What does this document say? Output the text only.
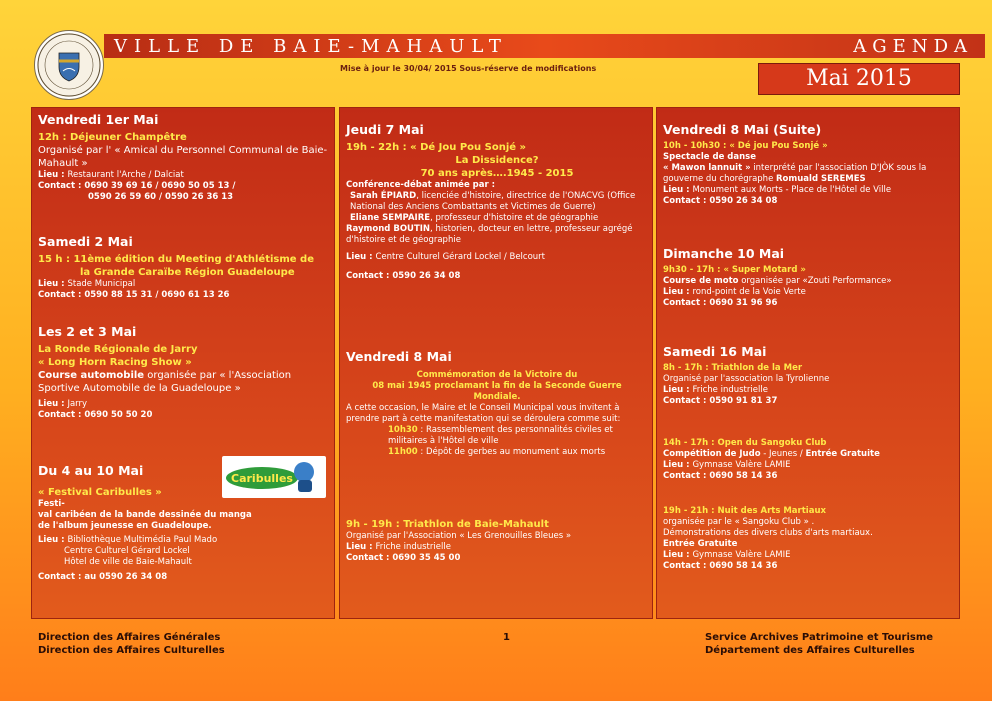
VILLE DE BAIE-MAHAULT	AGENDA
Mise à jour le 30/04/ 2015 Sous-réserve de modifications	Mai 2015
Vendredi 1er Mai
12h : Déjeuner Champêtre
Organisé par l' « Amical du Personnel Communal de Baie-Mahault »
Lieu : Restaurant l'Arche / Dalciat
Contact : 0690 39 69 16 / 0690 50 05 13 /
0590 26 59 60 / 0590 26 36 13
Samedi 2 Mai
15 h : 11ème édition du Meeting d'Athlétisme de
la Grande Caraïbe Région Guadeloupe
Lieu : Stade Municipal
Contact : 0590 88 15 31 / 0690 61 13 26
Les 2 et 3 Mai
La Ronde Régionale de Jarry
« Long Horn Racing Show »
Course automobile organisée par « l'Association Sportive Automobile de la Guadeloupe »
Lieu : Jarry
Contact : 0690 50 50 20
Du 4 au 10 Mai
« Festival Caribulles »
Festi-
val caribéen de la bande dessinée du manga
de l'album jeunesse en Guadeloupe.
Lieu : Bibliothèque Multimédia Paul Mado
Centre Culturel Gérard Lockel
Hôtel de ville de Baie-Mahault
Contact : au 0590 26 34 08
Caribulles
Jeudi 7 Mai
19h - 22h : « Dé Jou Pou Sonjé »
La Dissidence?
70 ans après….1945 - 2015
Conférence-débat animée par :
Sarah ÉPIARD, licenciée d'histoire, directrice de l'ONACVG (Office National des Anciens Combattants et Victimes de Guerre)
Eliane SEMPAIRE, professeur d'histoire et de géographie
Raymond BOUTIN, historien, docteur en lettre, professeur agrégé d'histoire et de géographie
Lieu : Centre Culturel Gérard Lockel / Belcourt
Contact : 0590 26 34 08
Vendredi 8 Mai
Commémoration de la Victoire du
08 mai 1945 proclamant la fin de la Seconde Guerre
Mondiale.
A cette occasion, le Maire et le Conseil Municipal vous invitent à prendre part à cette manifestation qui se déroulera comme suit:
10h30 : Rassemblement des personnalités civiles et militaires à l'Hôtel de ville
11h00 : Dépôt de gerbes au monument aux morts
9h - 19h : Triathlon de Baie-Mahault
Organisé par l'Association « Les Grenouilles Bleues »
Lieu : Friche industrielle
Contact : 0690 35 45 00
Vendredi 8 Mai (Suite)
10h - 10h30 : « Dé jou Pou Sonjé »
Spectacle de danse
« Mawon lannuit » interprété par l'association D'JÒK sous la gouverne du chorégraphe Romuald SEREMES
Lieu : Monument aux Morts - Place de l'Hôtel de Ville
Contact : 0590 26 34 08
Dimanche 10 Mai
9h30 - 17h : « Super Motard »
Course de moto organisée par «Zouti Performance»
Lieu : rond-point de la Voie Verte
Contact : 0690 31 96 96
Samedi 16 Mai
8h - 17h : Triathlon de la Mer
Organisé par l'association la Tyrolienne
Lieu : Friche industrielle
Contact : 0590 91 81 37
14h - 17h : Open du Sangoku Club
Compétition de Judo - Jeunes / Entrée Gratuite
Lieu : Gymnase Valère LAMIE
Contact : 0690 58 14 36
19h - 21h : Nuit des Arts Martiaux
organisée par le « Sangoku Club » .
Démonstrations des divers clubs d'arts martiaux.
Entrée Gratuite
Lieu : Gymnase Valère LAMIE
Contact : 0690 58 14 36
Direction des Affaires Générales
Direction des Affaires Culturelles
1	Service Archives Patrimoine et Tourisme
Département des Affaires Culturelles
